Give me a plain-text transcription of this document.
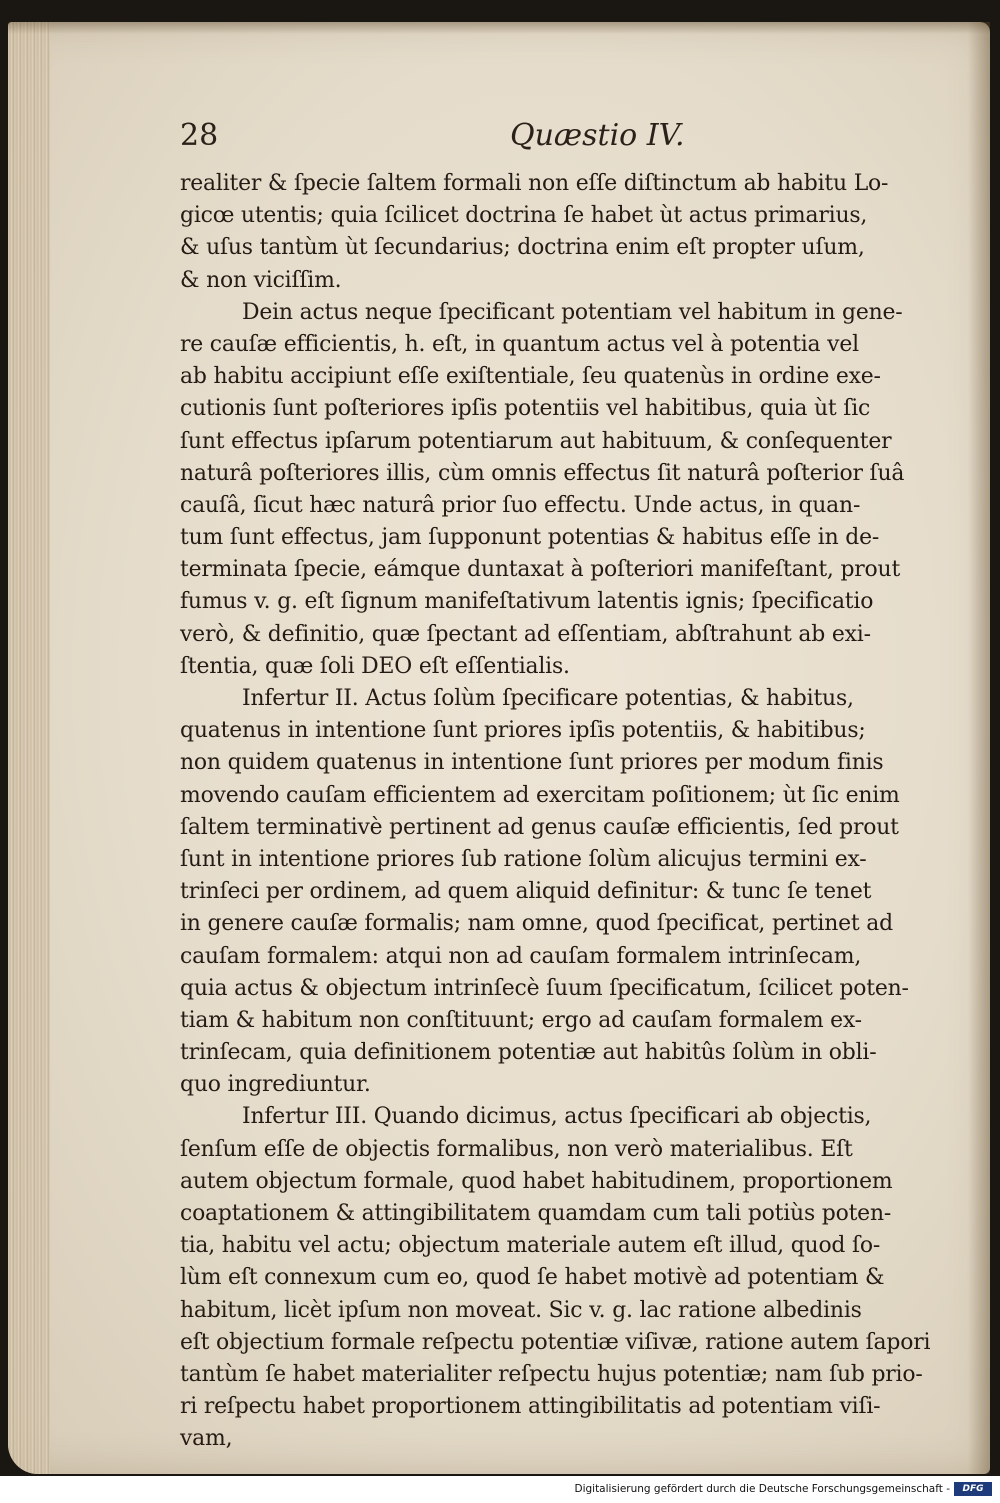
28	Quæstio IV.
realiter & ſpecie ſaltem formali non eſſe diſtinctum ab habitu Lo-
gicœ utentis; quia ſcilicet doctrina ſe habet ùt actus primarius,
& uſus tantùm ùt ſecundarius; doctrina enim eſt propter uſum,
& non viciſſim.
Dein actus neque ſpecificant potentiam vel habitum in gene-
re cauſæ efficientis, h. eſt, in quantum actus vel à potentia vel
ab habitu accipiunt eſſe exiſtentiale, ſeu quatenùs in ordine exe-
cutionis ſunt poſteriores ipſis potentiis vel habitibus, quia ùt ſic
ſunt effectus ipſarum potentiarum aut habituum, & conſequenter
naturâ poſteriores illis, cùm omnis effectus ſit naturâ poſterior ſuâ
cauſâ, ſicut hæc naturâ prior ſuo effectu. Unde actus, in quan-
tum ſunt effectus, jam ſupponunt potentias & habitus eſſe in de-
terminata ſpecie, eámque duntaxat à poſteriori manifeſtant, prout
fumus v. g. eſt ſignum manifeſtativum latentis ignis; ſpecificatio
verò, & definitio, quæ ſpectant ad eſſentiam, abſtrahunt ab exi-
ſtentia, quæ ſoli DEO eſt eſſentialis.
Infertur II. Actus ſolùm ſpecificare potentias, & habitus,
quatenus in intentione ſunt priores ipſis potentiis, & habitibus;
non quidem quatenus in intentione ſunt priores per modum finis
movendo cauſam efficientem ad exercitam poſitionem; ùt ſic enim
ſaltem terminativè pertinent ad genus cauſæ efficientis, ſed prout
ſunt in intentione priores ſub ratione ſolùm alicujus termini ex-
trinſeci per ordinem, ad quem aliquid definitur: & tunc ſe tenet
in genere cauſæ formalis; nam omne, quod ſpecificat, pertinet ad
cauſam formalem: atqui non ad cauſam formalem intrinſecam,
quia actus & objectum intrinſecè ſuum ſpecificatum, ſcilicet poten-
tiam & habitum non conſtituunt; ergo ad cauſam formalem ex-
trinſecam, quia definitionem potentiæ aut habitûs ſolùm in obli-
quo ingrediuntur.
Infertur III. Quando dicimus, actus ſpecificari ab objectis,
ſenſum eſſe de objectis formalibus, non verò materialibus. Eſt
autem objectum formale, quod habet habitudinem, proportionem
coaptationem & attingibilitatem quamdam cum tali potiùs poten-
tia, habitu vel actu; objectum materiale autem eſt illud, quod ſo-
lùm eſt connexum cum eo, quod ſe habet motivè ad potentiam &
habitum, licèt ipſum non moveat. Sic v. g. lac ratione albedinis
eſt objectium formale reſpectu potentiæ viſivæ, ratione autem ſapori
tantùm ſe habet materialiter reſpectu hujus potentiæ; nam ſub prio-
ri reſpectu habet proportionem attingibilitatis ad potentiam viſi-
vam,
Digitalisierung gefördert durch die Deutsche Forschungsgemeinschaft -	DFG
